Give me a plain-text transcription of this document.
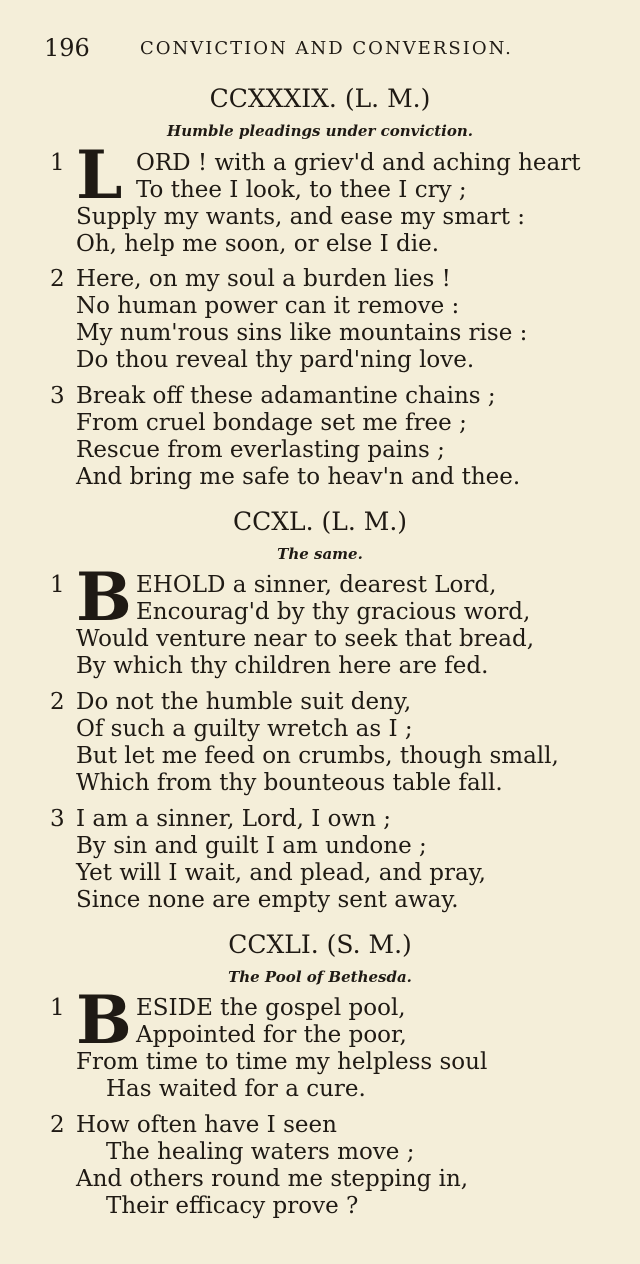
196	CONVICTION AND CONVERSION.
CCXXXIX. (L. M.)
Humble pleadings under conviction.
1 L ORD ! with a griev'd and aching heart
To thee I look, to thee I cry ;
Supply my wants, and ease my smart :
Oh, help me soon, or else I die.
2 Here, on my soul a burden lies !
No human power can it remove :
My num'rous sins like mountains rise :
Do thou reveal thy pard'ning love.
3 Break off these adamantine chains ;
From cruel bondage set me free ;
Rescue from everlasting pains ;
And bring me safe to heav'n and thee.
CCXL. (L. M.)
The same.
1 B EHOLD a sinner, dearest Lord,
Encourag'd by thy gracious word,
Would venture near to seek that bread,
By which thy children here are fed.
2 Do not the humble suit deny,
Of such a guilty wretch as I ;
But let me feed on crumbs, though small,
Which from thy bounteous table fall.
3 I am a sinner, Lord, I own ;
By sin and guilt I am undone ;
Yet will I wait, and plead, and pray,
Since none are empty sent away.
CCXLI. (S. M.)
The Pool of Bethesda.
1 B ESIDE the gospel pool,
Appointed for the poor,
From time to time my helpless soul
Has waited for a cure.
2 How often have I seen
The healing waters move ;
And others round me stepping in,
Their efficacy prove ?
